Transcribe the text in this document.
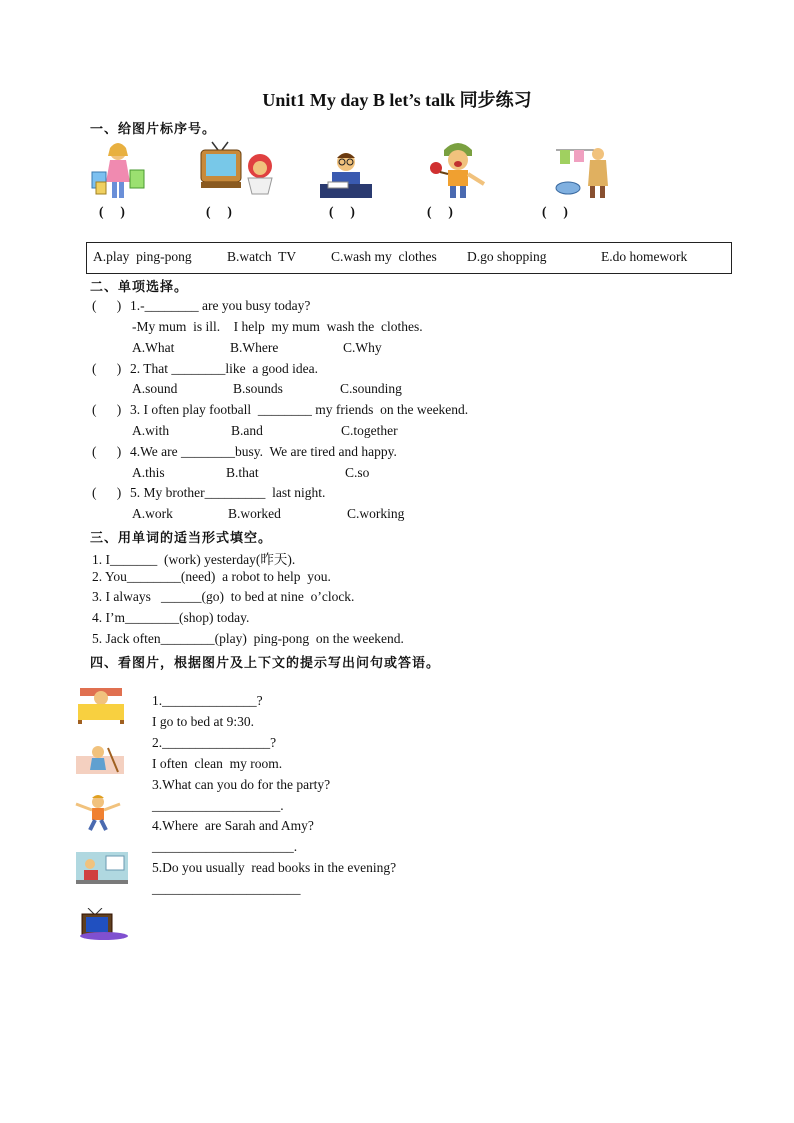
Unit1 My day B let’s talk 同步练习
一、给图片标序号。
(     )	(     )	(     )	(     )	(     )
A.play  ping-pong	B.watch  TV	C.wash my  clothes D.go shopping	E.do homework
二、单项选择。
(      ) 1.-________ are you busy today?
-My mum  is ill.    I help  my mum  wash the  clothes.
A.What	B.Where	C.Why
(      ) 2. That ________like  a good idea.
A.sound	B.sounds	C.sounding
(      ) 3. I often play football  ________ my friends  on the weekend.
A.with	B.and	C.together
(      ) 4.We are ________busy.  We are tired and happy.
A.this	B.that	C.so
(      ) 5. My brother_________  last night.
A.work	B.worked	C.working
三、用单词的适当形式填空。
1. I_______  (work) yesterday(昨天).
2. You________(need)  a robot to help  you.
3. I always   ______(go)  to bed at nine  o’clock.
4. I’m________(shop) today.
5. Jack often________(play)  ping-pong  on the weekend.
四、看图片，根据图片及上下文的提示写出问句或答语。
1.______________?
I go to bed at 9:30.
2.________________?
I often  clean  my room.
3.What can you do for the party?
___________________.
4.Where  are Sarah and Amy?
_____________________.
5.Do you usually  read books in the evening?
______________________
